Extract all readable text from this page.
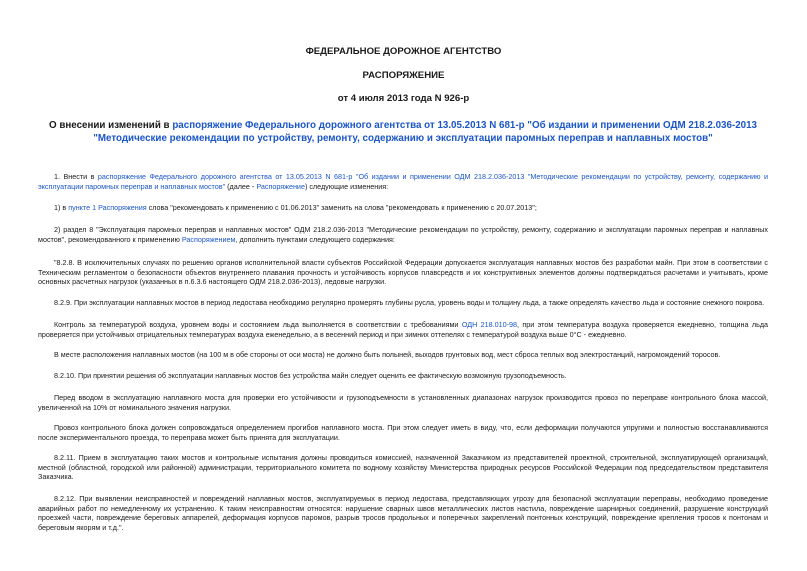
ФЕДЕРАЛЬНОЕ ДОРОЖНОЕ АГЕНТСТВО
РАСПОРЯЖЕНИЕ
от 4 июля 2013 года N 926-р
О внесении изменений в распоряжение Федерального дорожного агентства от 13.05.2013 N 681-р "Об издании и применении ОДМ 218.2.036-2013 "Методические рекомендации по устройству, ремонту, содержанию и эксплуатации паромных переправ и наплавных мостов"

1. Внести в распоряжение Федерального дорожного агентства от 13.05.2013 N 681-р "Об издании и применении ОДМ 218.2.036-2013 "Методические рекомендации по устройству, ремонту, содержанию и эксплуатации паромных переправ и наплавных мостов" (далее - Распоряжение) следующие изменения:

1) в пункте 1 Распоряжения слова "рекомендовать к применению с 01.06.2013" заменить на слова "рекомендовать к применению с 20.07.2013";

2) раздел 8 "Эксплуатация паромных переправ и наплавных мостов" ОДМ 218.2.036-2013 "Методические рекомендации по устройству, ремонту, содержанию и эксплуатации паромных переправ и наплавных мостов", рекомендованного к применению Распоряжением, дополнить пунктами следующего содержания:

"8.2.8. В исключительных случаях по решению органов исполнительной власти субъектов Российской Федерации допускается эксплуатация наплавных мостов без разработки майн. При этом в соответствии с Техническим регламентом о безопасности объектов внутреннего плавания прочность и устойчивость корпусов плавсредств и их конструктивных элементов должны подтверждаться расчетами и учитывать, кроме основных расчетных нагрузок (указанных в п.6.3.6 настоящего ОДМ 218.2.036-2013), ледовые нагрузки.

8.2.9. При эксплуатации наплавных мостов в период ледостава необходимо регулярно промерять глубины русла, уровень воды и толщину льда, а также определять качество льда и состояние снежного покрова.

Контроль за температурой воздуха, уровнем воды и состоянием льда выполняется в соответствии с требованиями ОДН 218.010-98, при этом температура воздуха проверяется ежедневно, толщина льда проверяется при устойчивых отрицательных температурах воздуха еженедельно, а в весенний период и при зимних оттепелях с температурой воздуха выше 0°С - ежедневно.

В месте расположения наплавных мостов (на 100 м в обе стороны от оси моста) не должно быть полыней, выходов грунтовых вод, мест сброса теплых вод электростанций, нагромождений торосов.

8.2.10. При принятии решения об эксплуатации наплавных мостов без устройства майн следует оценить ее фактическую возможную грузоподъемность.

Перед вводом в эксплуатацию наплавного моста для проверки его устойчивости и грузоподъемности в установленных диапазонах нагрузок производится провоз по переправе контрольного блока массой, увеличенной на 10% от номинального значения нагрузки.

Провоз контрольного блока должен сопровождаться определением прогибов наплавного моста. При этом следует иметь в виду, что, если деформации получаются упругими и полностью восстанавливаются после экспериментального проезда, то переправа может быть принята для эксплуатации.

8.2.11. Прием в эксплуатацию таких мостов и контрольные испытания должны проводиться комиссией, назначенной Заказчиком из представителей проектной, строительной, эксплуатирующей организаций, местной (областной, городской или районной) администрации, территориального комитета по водному хозяйству Министерства природных ресурсов Российской Федерации под председательством представителя Заказчика.

8.2.12. При выявлении неисправностей и повреждений наплавных мостов, эксплуатируемых в период ледостава, представляющих угрозу для безопасной эксплуатации переправы, необходимо проведение аварийных работ по немедленному их устранению. К таким неисправностям относятся: нарушение сварных швов металлических листов настила, повреждение шарнирных соединений, разрушение конструкций проезжей части, повреждение береговых аппарелей, деформация корпусов паромов, разрыв тросов продольных и поперечных закреплений понтонных конструкций, повреждение крепления тросов к понтонам и береговым якорям и т.д.".
